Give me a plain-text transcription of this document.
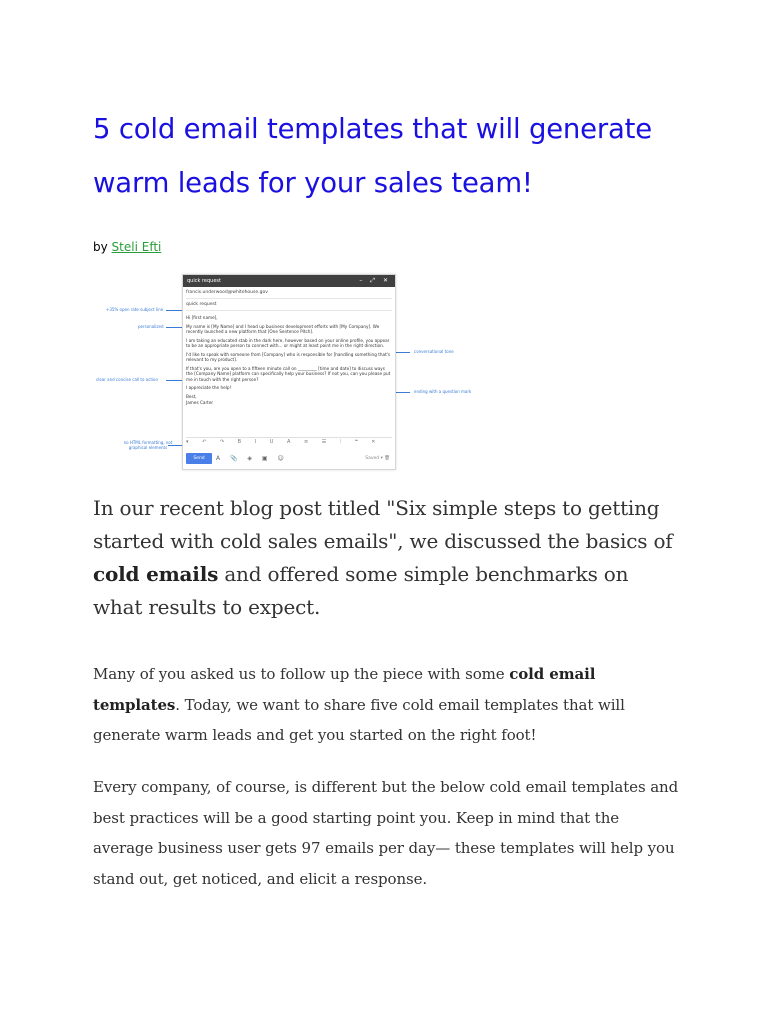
5 cold email templates that will generate warm leads for your sales team!
by Steli Efti
+35% open rate subject line
personalized
clear and concise call to action
no HTML formatting, not graphical elements
conversational tone
ending with a question mark
quick request	– ⤢ ✕
francis.underwood@whitehouse.gov
quick request

Hi [first name],

My name is [My Name] and I head up business development efforts with [My Company]. We recently launched a new platform that [One Sentence Pitch].

I am taking an educated stab in the dark here, however based on your online profile, you appear to be an appropriate person to connect with... or might at least point me in the right direction.

I'd like to speak with someone from [Company] who is responsible for [handling something that's relevant to my product].

If that's you, are you open to a fifteen minute call on _________ [time and date] to discuss ways the [Company Name] platform can specifically help your business? If not you, can you please put me in touch with the right person?

I appreciate the help!

Best,

James Carter

▾ ↶ ↷ B I U A ≡ ☰ ⁝ ❝ ✕
Send	A 📎 ◈ ▣ ☺	Saved ▾ 🗑

In our recent blog post titled "Six simple steps to getting started with cold sales emails", we discussed the basics of cold emails and offered some simple benchmarks on what results to expect.

Many of you asked us to follow up the piece with some cold email templates. Today, we want to share five cold email templates that will generate warm leads and get you started on the right foot!

Every company, of course, is different but the below cold email templates and best practices will be a good starting point you. Keep in mind that the average business user gets 97 emails per day— these templates will help you stand out, get noticed, and elicit a response.
